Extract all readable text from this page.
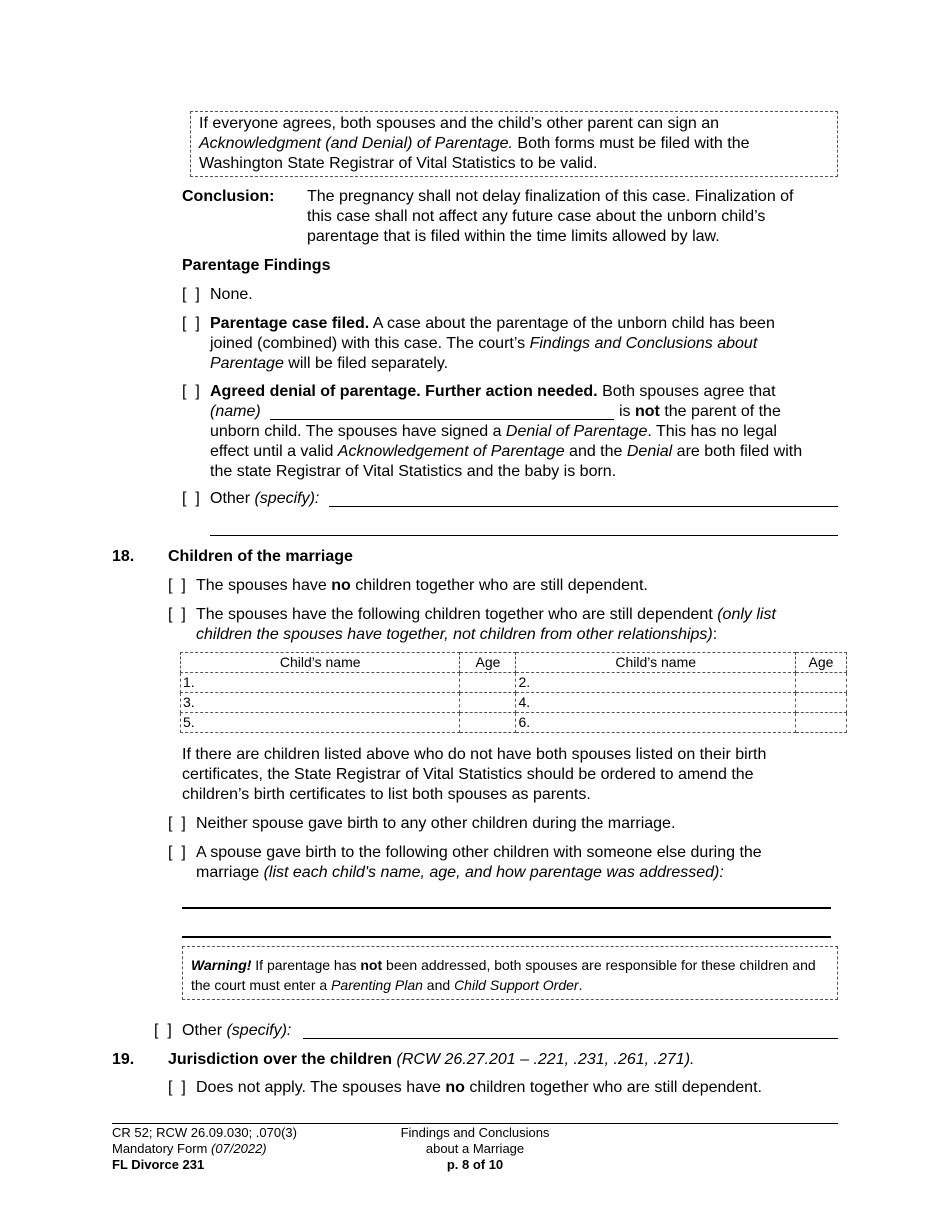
If everyone agrees, both spouses and the child’s other parent can sign an
Acknowledgment (and Denial) of Parentage. Both forms must be filed with the
Washington State Registrar of Vital Statistics to be valid.
Conclusion: The pregnancy shall not delay finalization of this case. Finalization of
this case shall not affect any future case about the unborn child’s
parentage that is filed within the time limits allowed by law.
Parentage Findings
[  ] None.
[  ] Parentage case filed. A case about the parentage of the unborn child has been
joined (combined) with this case. The court’s Findings and Conclusions about
Parentage will be filed separately.
[  ] Agreed denial of parentage. Further action needed. Both spouses agree that
(name)	is not the parent of the
unborn child. The spouses have signed a Denial of Parentage. This has no legal
effect until a valid Acknowledgement of Parentage and the Denial are both filed with
the state Registrar of Vital Statistics and the baby is born.
[  ] Other (specify):
18. Children of the marriage
[  ] The spouses have no children together who are still dependent.
[  ] The spouses have the following children together who are still dependent (only list
children the spouses have together, not children from other relationships):
Child’s name	Age	Child’s name	Age
1.		2.	
3.		4.	
5.		6.	
If there are children listed above who do not have both spouses listed on their birth
certificates, the State Registrar of Vital Statistics should be ordered to amend the
children’s birth certificates to list both spouses as parents.
[  ] Neither spouse gave birth to any other children during the marriage.
[  ] A spouse gave birth to the following other children with someone else during the
marriage (list each child's name, age, and how parentage was addressed):
Warning! If parentage has not been addressed, both spouses are responsible for these children and
the court must enter a Parenting Plan and Child Support Order.
[  ] Other (specify):
19. Jurisdiction over the children (RCW 26.27.201 – .221, .231, .261, .271).
[  ] Does not apply. The spouses have no children together who are still dependent.
CR 52; RCW 26.09.030; .070(3)
Mandatory Form (07/2022)
FL Divorce 231
Findings and Conclusions
about a Marriage
p. 8 of 10
